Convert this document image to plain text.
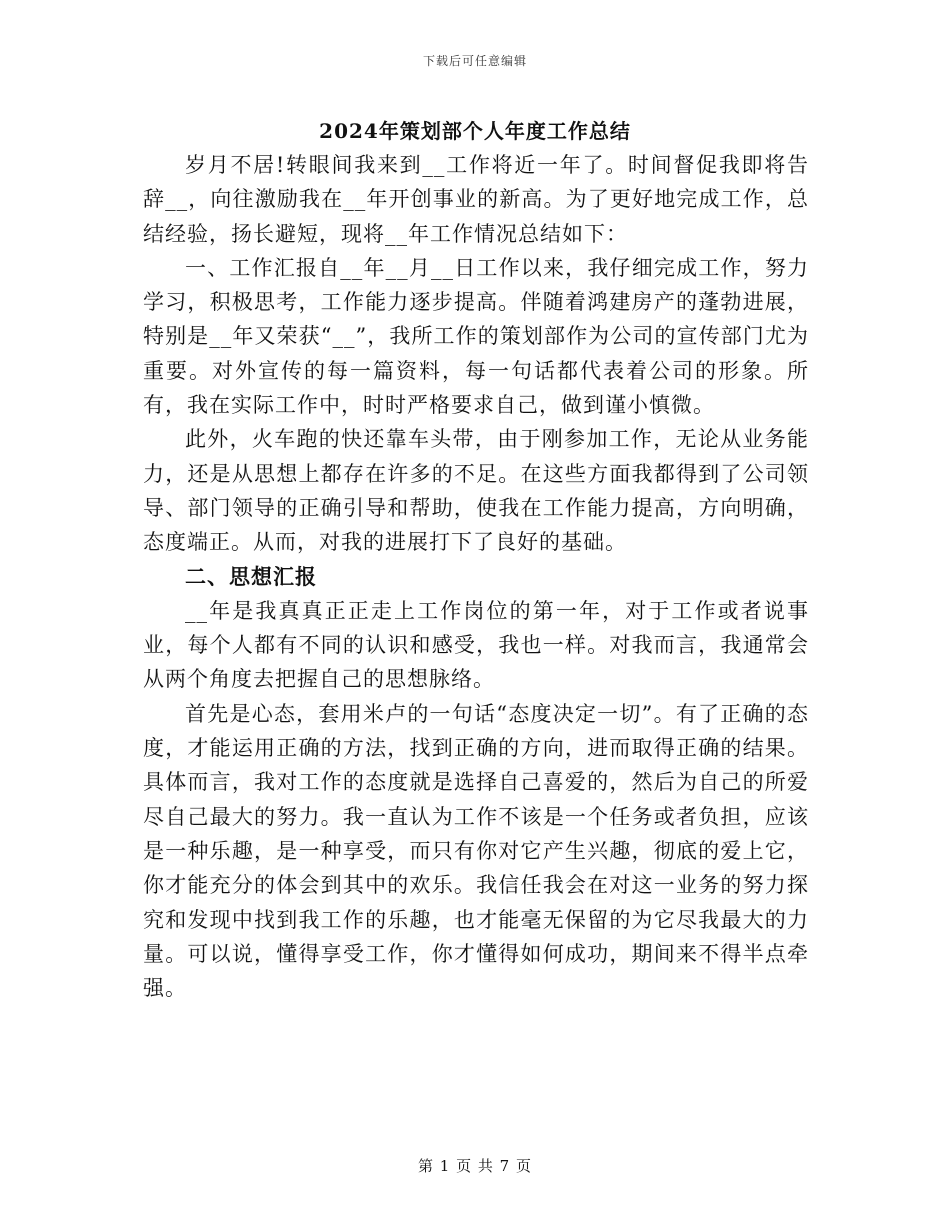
下载后可任意编辑
2024年策划部个人年度工作总结

岁月不居!转眼间我来到__工作将近一年了。时间督促我即将告辞__，向往激励我在__年开创事业的新高。为了更好地完成工作，总结经验，扬长避短，现将__年工作情况总结如下：

一、工作汇报自__年__月__日工作以来，我仔细完成工作，努力学习，积极思考，工作能力逐步提高。伴随着鸿建房产的蓬勃进展，特别是__年又荣获“__”，我所工作的策划部作为公司的宣传部门尤为重要。对外宣传的每一篇资料，每一句话都代表着公司的形象。所有，我在实际工作中，时时严格要求自己，做到谨小慎微。

此外，火车跑的快还靠车头带，由于刚参加工作，无论从业务能力，还是从思想上都存在许多的不足。在这些方面我都得到了公司领导、部门领导的正确引导和帮助，使我在工作能力提高，方向明确，态度端正。从而，对我的进展打下了良好的基础。

二、思想汇报

__年是我真真正正走上工作岗位的第一年，对于工作或者说事业，每个人都有不同的认识和感受，我也一样。对我而言，我通常会从两个角度去把握自己的思想脉络。

首先是心态，套用米卢的一句话“态度决定一切”。有了正确的态度，才能运用正确的方法，找到正确的方向，进而取得正确的结果。具体而言，我对工作的态度就是选择自己喜爱的，然后为自己的所爱尽自己最大的努力。我一直认为工作不该是一个任务或者负担，应该是一种乐趣，是一种享受，而只有你对它产生兴趣，彻底的爱上它，你才能充分的体会到其中的欢乐。我信任我会在对这一业务的努力探究和发现中找到我工作的乐趣，也才能毫无保留的为它尽我最大的力量。可以说，懂得享受工作，你才懂得如何成功，期间来不得半点牵强。

第 1 页 共 7 页
